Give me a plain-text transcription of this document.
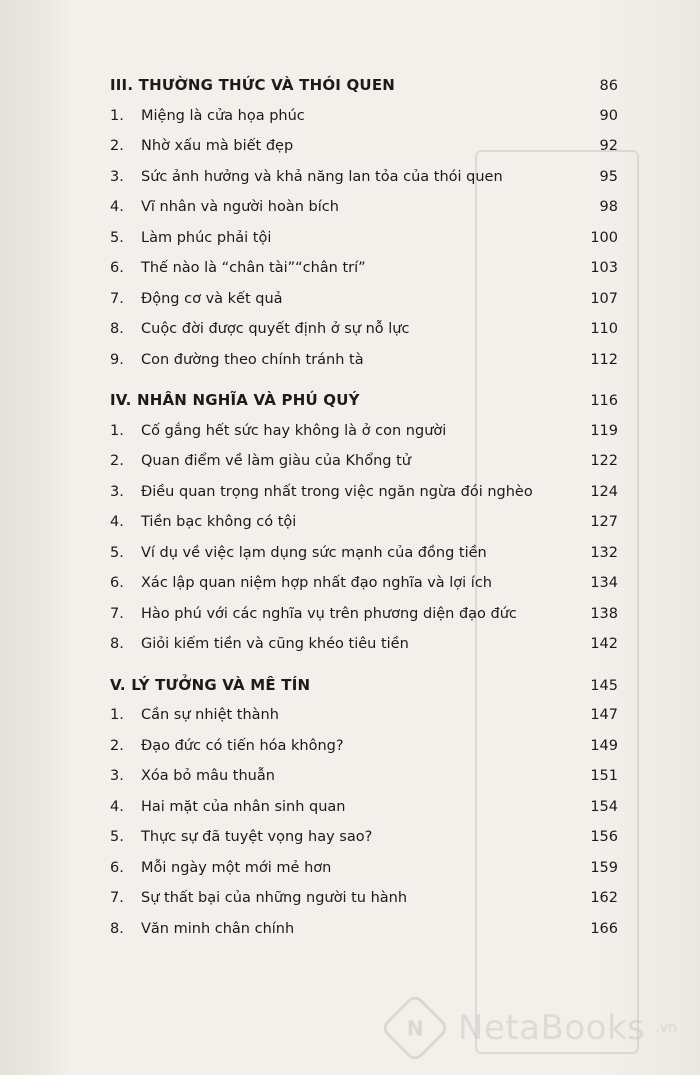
III. THƯỜNG THỨC VÀ THÓI QUEN	86
1.	Miệng là cửa họa phúc	90
2.	Nhờ xấu mà biết đẹp	92
3.	Sức ảnh hưởng và khả năng lan tỏa của thói quen	95
4.	Vĩ nhân và người hoàn bích	98
5.	Làm phúc phải tội	100
6.	Thế nào là “chân tài”“chân trí”	103
7.	Động cơ và kết quả	107
8.	Cuộc đời được quyết định ở sự nỗ lực	110
9.	Con đường theo chính tránh tà	112
IV. NHÂN NGHĨA VÀ PHÚ QUÝ	116
1.	Cố gắng hết sức hay không là ở con người	119
2.	Quan điểm về làm giàu của Khổng tử	122
3.	Điều quan trọng nhất trong việc ngăn ngừa đói nghèo	124
4.	Tiền bạc không có tội	127
5.	Ví dụ về việc lạm dụng sức mạnh của đồng tiền	132
6.	Xác lập quan niệm hợp nhất đạo nghĩa và lợi ích	134
7.	Hào phú với các nghĩa vụ trên phương diện đạo đức	138
8.	Giỏi kiếm tiền và cũng khéo tiêu tiền	142
V. LÝ TƯỞNG VÀ MÊ TÍN	145
1.	Cần sự nhiệt thành	147
2.	Đạo đức có tiến hóa không?	149
3.	Xóa bỏ mâu thuẫn	151
4.	Hai mặt của nhân sinh quan	154
5.	Thực sự đã tuyệt vọng hay sao?	156
6.	Mỗi ngày một mới mẻ hơn	159
7.	Sự thất bại của những người tu hành	162
8.	Văn minh chân chính	166
N NetaBooks .vn
